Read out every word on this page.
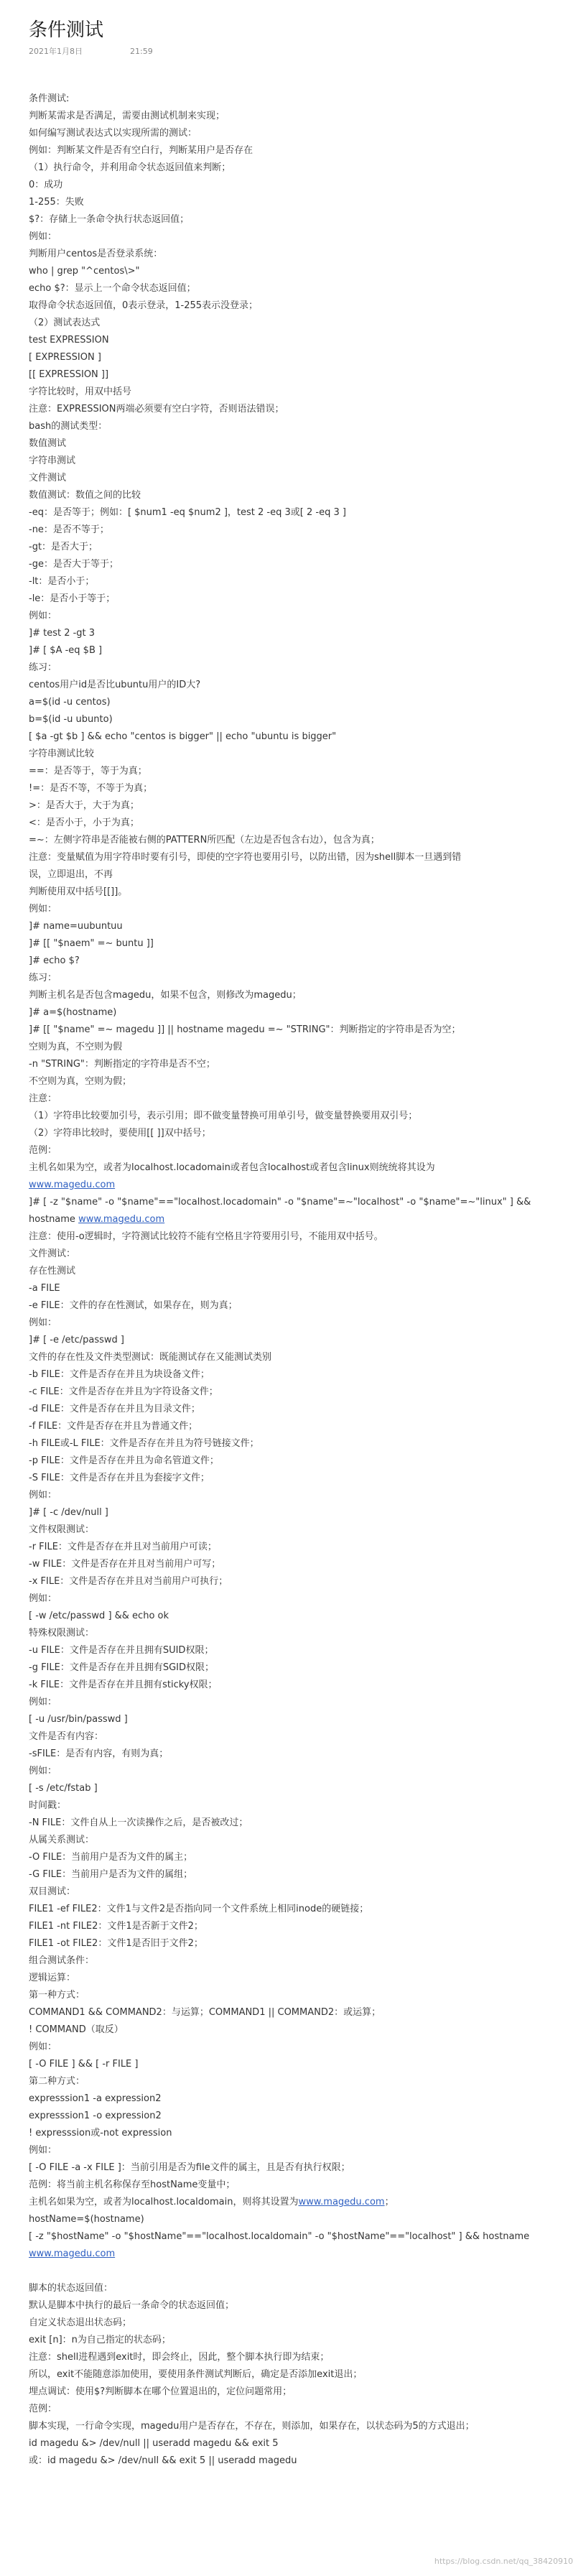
条件测试
2021年1月8日	21:59
条件测试:
判断某需求是否满足，需要由测试机制来实现；
如何编写测试表达式以实现所需的测试：
例如：判断某文件是否有空白行，判断某用户是否存在
（1）执行命令，并利用命令状态返回值来判断；
0：成功
1-255：失败
$?：存储上一条命令执行状态返回值；
例如：
判断用户centos是否登录系统：
who | grep "^centos\>"
echo $?：显示上一个命令状态返回值；
取得命令状态返回值，0表示登录，1-255表示没登录；
（2）测试表达式
test EXPRESSION
[ EXPRESSION ]
[[ EXPRESSION ]]
字符比较时，用双中括号
注意：EXPRESSION两端必须要有空白字符，否则语法错误；
bash的测试类型：
数值测试
字符串测试
文件测试
数值测试：数值之间的比较
-eq：是否等于；例如：[ $num1 -eq $num2 ]，test 2 -eq 3或[ 2 -eq 3 ]
-ne：是否不等于；
-gt：是否大于；
-ge：是否大于等于；
-lt：是否小于；
-le：是否小于等于；
例如：
]# test 2 -gt 3
]# [ $A -eq $B ]
练习：
centos用户id是否比ubuntu用户的ID大?
a=$(id -u centos)
b=$(id -u ubunto)
[ $a -gt $b ] && echo "centos is bigger" || echo "ubuntu is bigger"
字符串测试比较
==：是否等于，等于为真；
!=：是否不等，不等于为真；
>：是否大于，大于为真；
<：是否小于，小于为真；
=~：左侧字符串是否能被右侧的PATTERN所匹配（左边是否包含右边），包含为真；
注意：变量赋值为用字符串时要有引号，即使的空字符也要用引号，以防出错，因为shell脚本一旦遇到错
误，立即退出，不再
判断使用双中括号[[]]。
例如：
]# name=uubuntuu
]# [[ "$naem" =~ buntu ]]
]# echo $?
练习：
判断主机名是否包含magedu，如果不包含，则修改为magedu；
]# a=$(hostname)
]# [[ "$name" =~ magedu ]] || hostname magedu =~ "STRING"：判断指定的字符串是否为空；
空则为真，不空则为假
-n "STRING"：判断指定的字符串是否不空；
不空则为真，空则为假；
注意：
（1）字符串比较要加引号，表示引用；即不做变量替换可用单引号，做变量替换要用双引号；
（2）字符串比较时，要使用[[ ]]双中括号；
范例：
主机名如果为空，或者为localhost.locadomain或者包含localhost或者包含linux则统统将其设为
www.magedu.com
]# [ -z "$name" -o "$name"=="localhost.locadomain" -o "$name"=~"localhost" -o "$name"=~"linux" ] &&
hostname www.magedu.com
注意：使用-o逻辑时，字符测试比较符不能有空格且字符要用引号，不能用双中括号。
文件测试：
存在性测试
-a FILE
-e FILE：文件的存在性测试，如果存在，则为真；
例如：
]# [ -e /etc/passwd ]
文件的存在性及文件类型测试：既能测试存在又能测试类别
-b FILE：文件是否存在并且为块设备文件；
-c FILE：文件是否存在并且为字符设备文件；
-d FILE：文件是否存在并且为目录文件；
-f FILE：文件是否存在并且为普通文件；
-h FILE或-L FILE：文件是否存在并且为符号链接文件；
-p FILE：文件是否存在并且为命名管道文件；
-S FILE：文件是否存在并且为套接字文件；
例如：
]# [ -c /dev/null ]
文件权限测试：
-r FILE：文件是否存在并且对当前用户可读；
-w FILE：文件是否存在并且对当前用户可写；
-x FILE：文件是否存在并且对当前用户可执行；
例如：
[ -w /etc/passwd ] && echo ok
特殊权限测试：
-u FILE：文件是否存在并且拥有SUID权限；
-g FILE：文件是否存在并且拥有SGID权限；
-k FILE：文件是否存在并且拥有sticky权限；
例如：
[ -u /usr/bin/passwd ]
文件是否有内容：
-sFILE：是否有内容，有则为真；
例如：
[ -s /etc/fstab ]
时间戳：
-N FILE：文件自从上一次读操作之后，是否被改过；
从属关系测试：
-O FILE：当前用户是否为文件的属主；
-G FILE：当前用户是否为文件的属组；
双目测试：
FILE1 -ef FILE2：文件1与文件2是否指向同一个文件系统上相同inode的硬链接；
FILE1 -nt FILE2：文件1是否新于文件2；
FILE1 -ot FILE2：文件1是否旧于文件2；
组合测试条件：
逻辑运算：
第一种方式：
COMMAND1 && COMMAND2：与运算；COMMAND1 || COMMAND2：或运算；
! COMMAND（取反）
例如：
[ -O FILE ] && [ -r FILE ]
第二种方式：
expresssion1 -a expression2
expresssion1 -o expression2
! expresssion或-not expression
例如：
[ -O FILE -a -x FILE ]：当前引用是否为file文件的属主，且是否有执行权限；
范例：将当前主机名称保存至hostName变量中；
主机名如果为空，或者为localhost.localdomain，则将其设置为www.magedu.com；
hostName=$(hostname)
[ -z "$hostName" -o "$hostName"=="localhost.localdomain" -o "$hostName"=="localhost" ] && hostname
www.magedu.com
脚本的状态返回值：
默认是脚本中执行的最后一条命令的状态返回值；
自定义状态退出状态码；
exit [n]：n为自己指定的状态码；
注意：shell进程遇到exit时，即会终止，因此，整个脚本执行即为结束；
所以，exit不能随意添加使用，要使用条件测试判断后，确定是否添加exit退出；
埋点调试：使用$?判断脚本在哪个位置退出的，定位问题常用；
范例：
脚本实现，一行命令实现，magedu用户是否存在，不存在，则添加，如果存在，以状态码为5的方式退出；
id magedu &> /dev/null || useradd magedu && exit 5
或：id magedu &> /dev/null && exit 5 || useradd magedu
https://blog.csdn.net/qq_38420910
